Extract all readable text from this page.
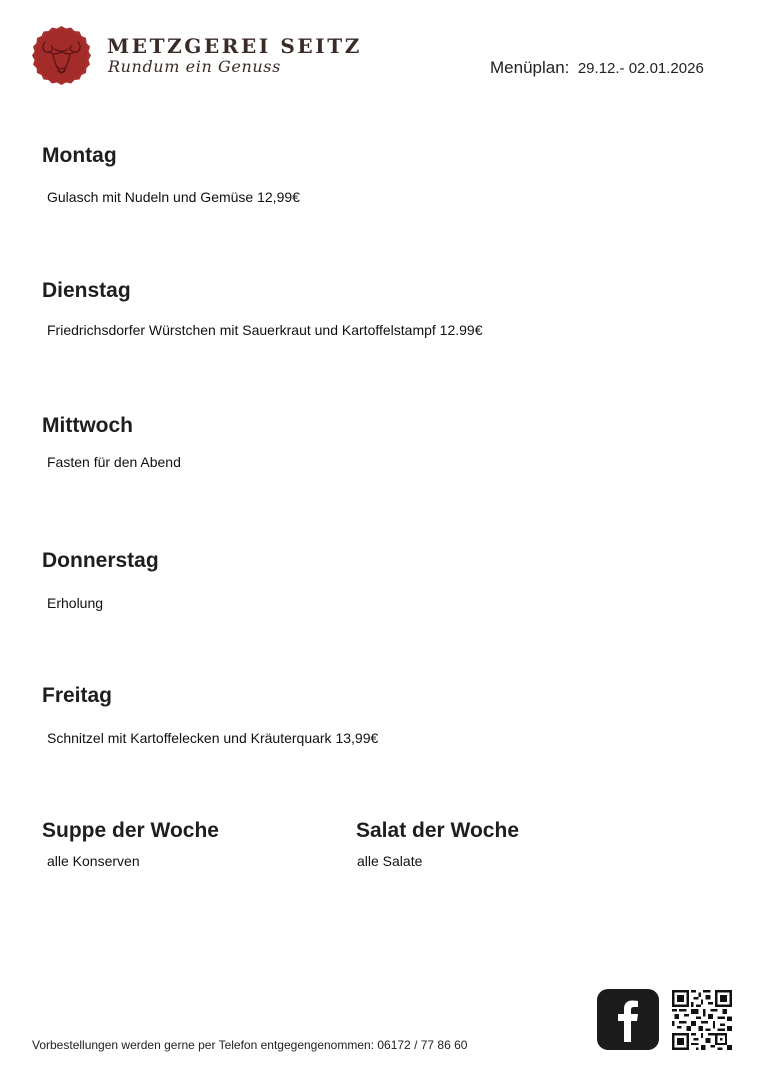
METZGEREI SEITZ
Rundum ein Genuss	Menüplan: 29.12.- 02.01.2026
Montag
Gulasch mit Nudeln und Gemüse 12,99€
Dienstag
Friedrichsdorfer Würstchen mit Sauerkraut und Kartoffelstampf 12.99€
Mittwoch
Fasten für den Abend
Donnerstag
Erholung
Freitag
Schnitzel mit Kartoffelecken und Kräuterquark 13,99€
Suppe der Woche
alle Konserven
Salat der Woche
alle Salate
Vorbestellungen werden gerne per Telefon entgegengenommen: 06172 / 77 86 60
